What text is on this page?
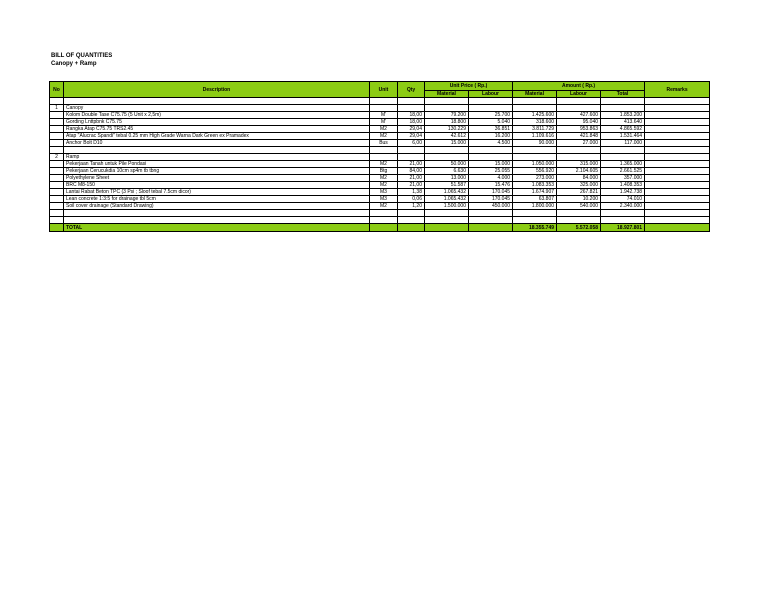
BILL OF QUANTITIES
Canopy + Ramp
No	Description	Unit	Qty	Unit Price ( Rp.)		Amount ( Rp.)			Remarks
				Material	Labour	Material	Labour	Total	

1	Canopy								
	Kolom Double Tase C75.75 (5 Unit x 2,5m)	M'	18,00	79.200	25.700	1.425.600	427.600	1.853.200	
	Gording Lnttpbnk C75.75	M'	18,00	18.800	5.040	318.600	95.040	413.640	
	Rangka Atap C75.75 TRS2.45	M2	29,04	130.229	36.851	3.811.729	953.863	4.865.592	
	Atap "Alucrac Spandi" tebal 0.25 mm High Grade Warna Dark Green ex Pramadex	M2	29,04	42.612	16.200	1.109.616	421.848	1.531.464	
	Anchor Bolt D10	Bus	6,00	15.000	4.500	90.000	27.000	117.000	

2	Ramp								
	Pekerjaan Tanah untuk Pile Pondasi	M2	21,00	50.000	15.000	1.050.000	315.000	1.365.000	
	Pekerjaan Cerucukdia 10cm sp4m tb tbng	Btg	84,00	6.630	25.055	556.920	2.104.605	2.661.525	
	Polyethylene Sheet	M2	21,00	13.000	4.000	273.000	84.000	357.000	
	BRC M8-150	M2	21,00	51.587	15.476	1.083.353	325.000	1.408.353	
	Lantai Rabat Beton TPC (3 Psi ; Sloof tebal 7.5cm dicor)	M3	1,38	1.065.432	170.045	1.674.907	267.821	1.942.738	
	Lean concrete 1:3:5 for drainage tbl 5cm	M3	0,06	1.065.432	170.045	63.807	10.200	74.010	
	Soil cover drainage (Standard Drawing)	M2	1,20	1.500.000	450.000	1.800.000	540.000	2.340.000	

	TOTAL					18.355.749	5.572.058	18.927.801	
